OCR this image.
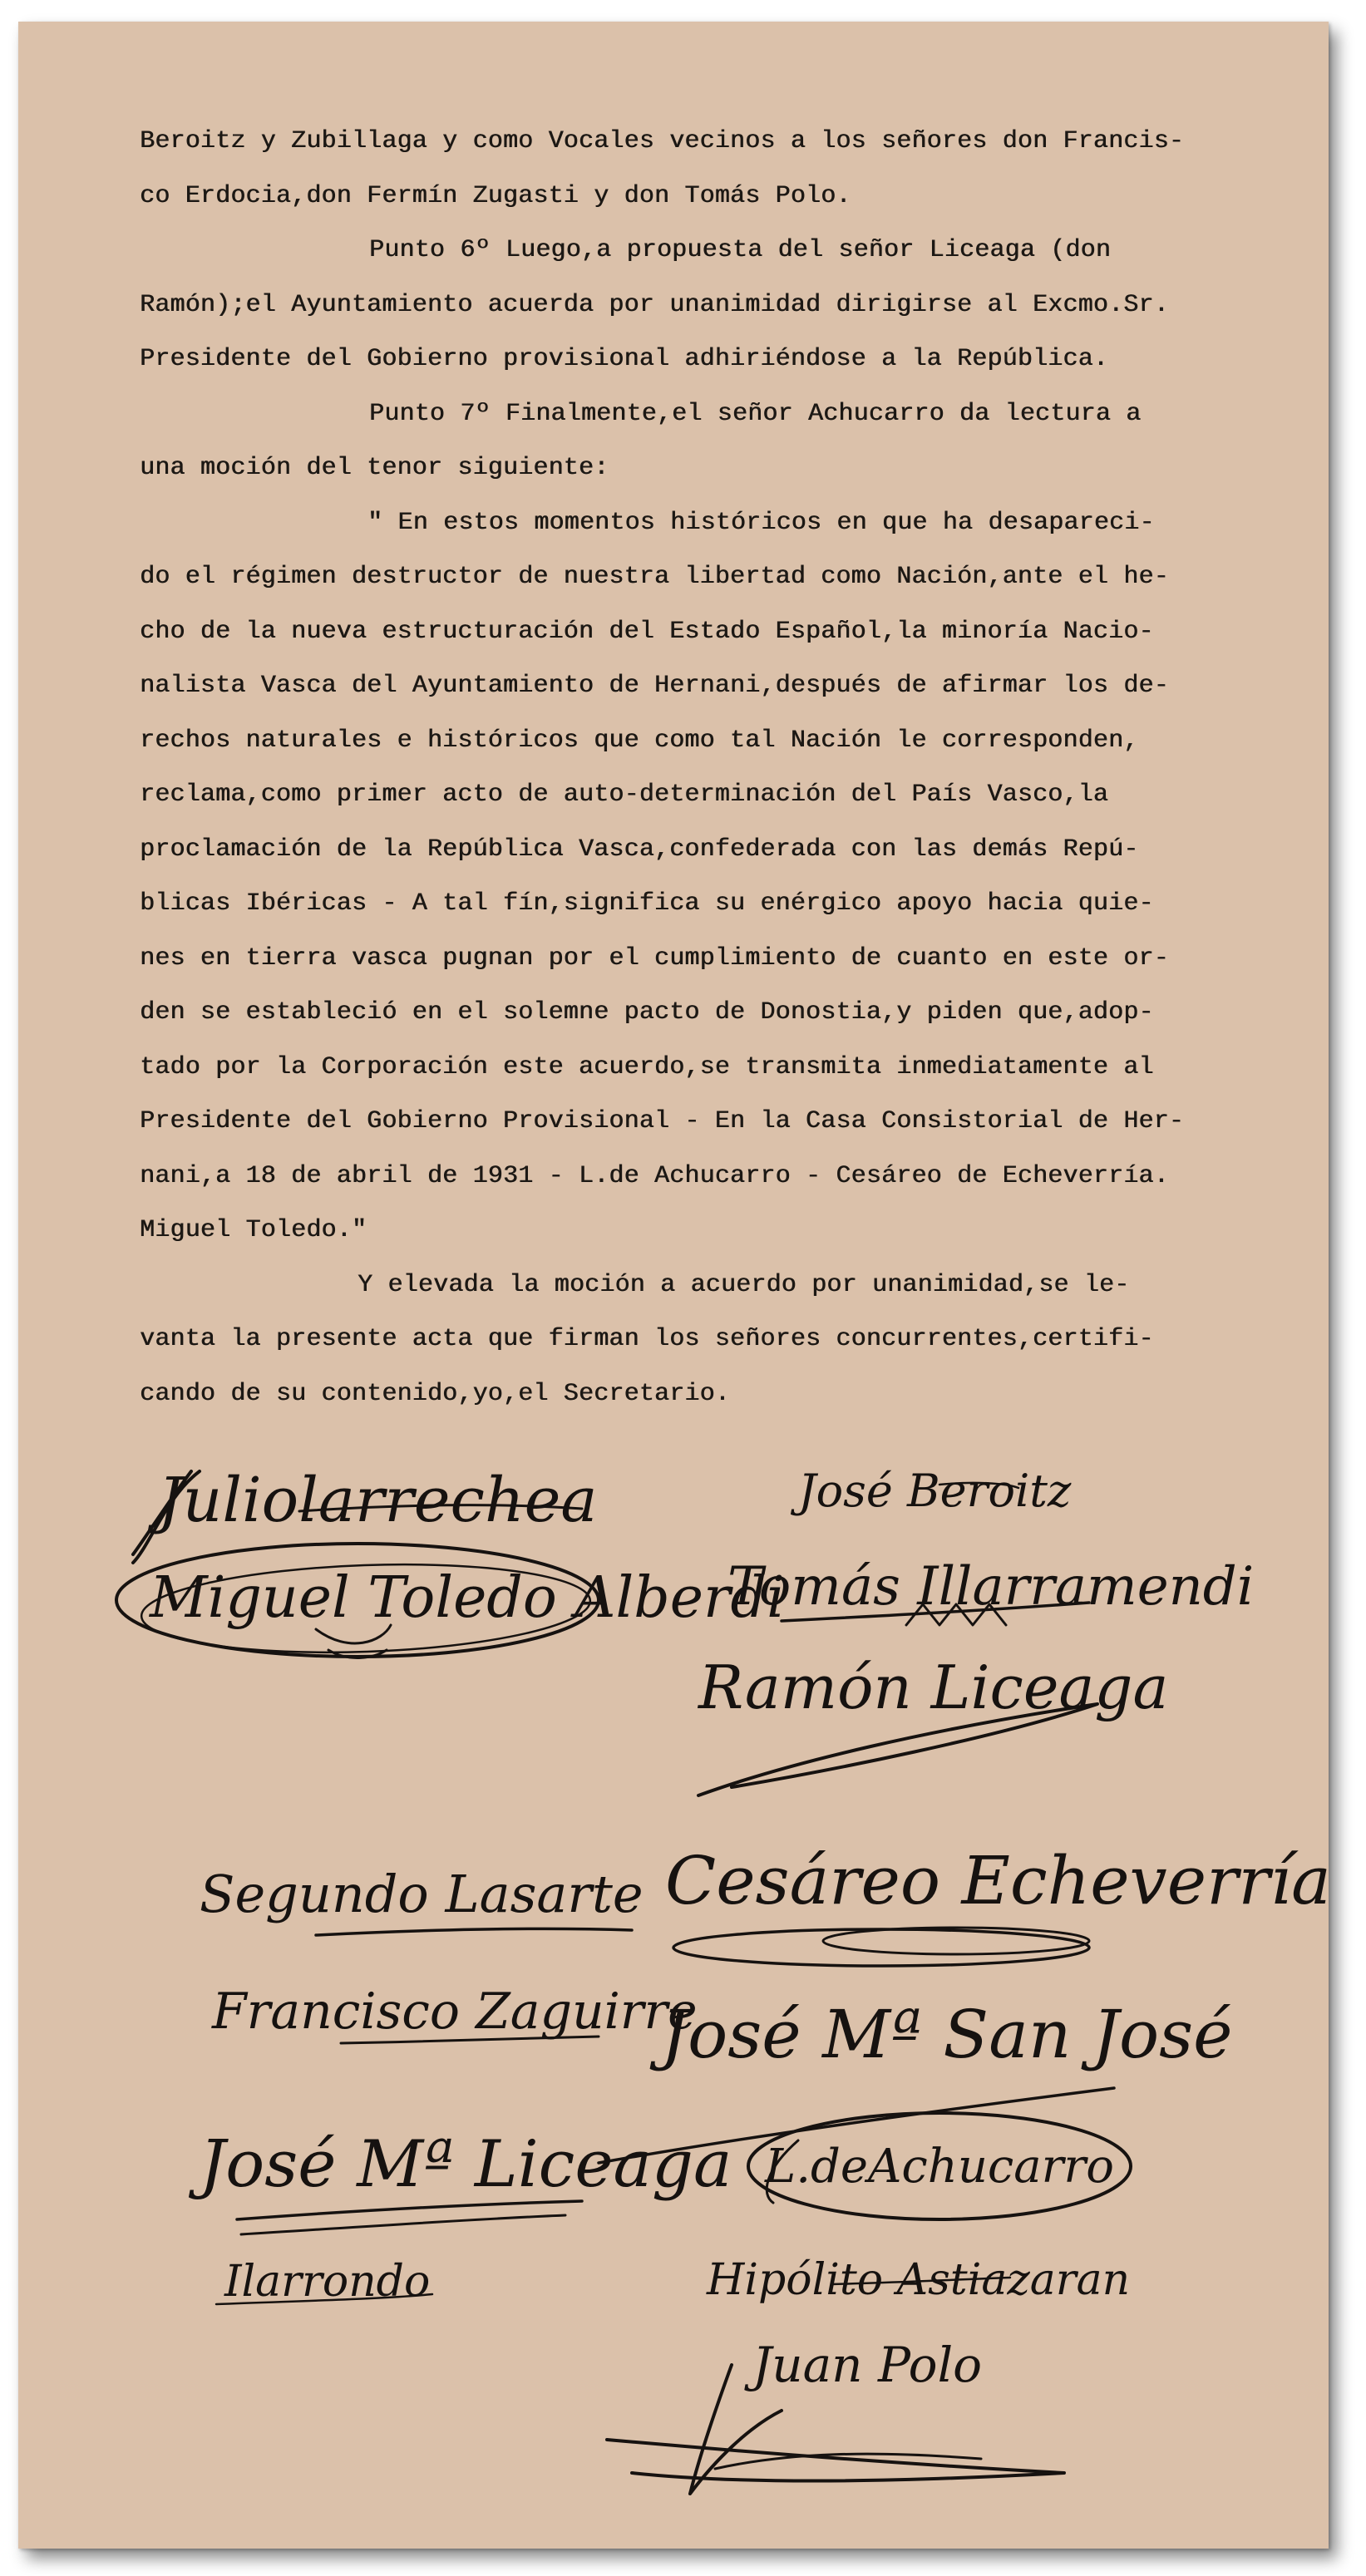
Beroitz y Zubillaga y como Vocales vecinos a los señores don Francis-
co Erdocia,don Fermín Zugasti y don Tomás Polo.
Punto 6º Luego,a propuesta del señor Liceaga (don
Ramón);el Ayuntamiento acuerda por unanimidad dirigirse al Excmo.Sr.
Presidente del Gobierno provisional adhiriéndose a la República.
Punto 7º Finalmente,el señor Achucarro da lectura a
una moción del tenor siguiente:
" En estos momentos históricos en que ha desapareci-
do el régimen destructor de nuestra libertad como Nación,ante el he-
cho de la nueva estructuración del Estado Español,la minoría Nacio-
nalista Vasca del Ayuntamiento de Hernani,después de afirmar los de-
rechos naturales e históricos que como tal Nación le corresponden,
reclama,como primer acto de auto-determinación del País Vasco,la
proclamación de la República Vasca,confederada con las demás Repú-
blicas Ibéricas - A tal fín,significa su enérgico apoyo hacia quie-
nes en tierra vasca pugnan por el cumplimiento de cuanto en este or-
den se estableció en el solemne pacto de Donostia,y piden que,adop-
tado por la Corporación este acuerdo,se transmita inmediatamente al
Presidente del Gobierno Provisional - En la Casa Consistorial de Her-
nani,a 18 de abril de 1931 - L.de Achucarro - Cesáreo de Echeverría.
Miguel Toledo."
Y elevada la moción a acuerdo por unanimidad,se le-
vanta la presente acta que firman los señores concurrentes,certifi-
cando de su contenido,yo,el Secretario.
Juliolarrechea
Miguel Toledo Alberdi
José Beroitz
Tomás Illarramendi
Ramón Liceaga
Segundo Lasarte Cesáreo Echeverría
Francisco Zaguirre
José Mª San José
José Mª Liceaga L.deAchucarro
Ilarrondo	Hipólito Astiazaran
Juan Polo
